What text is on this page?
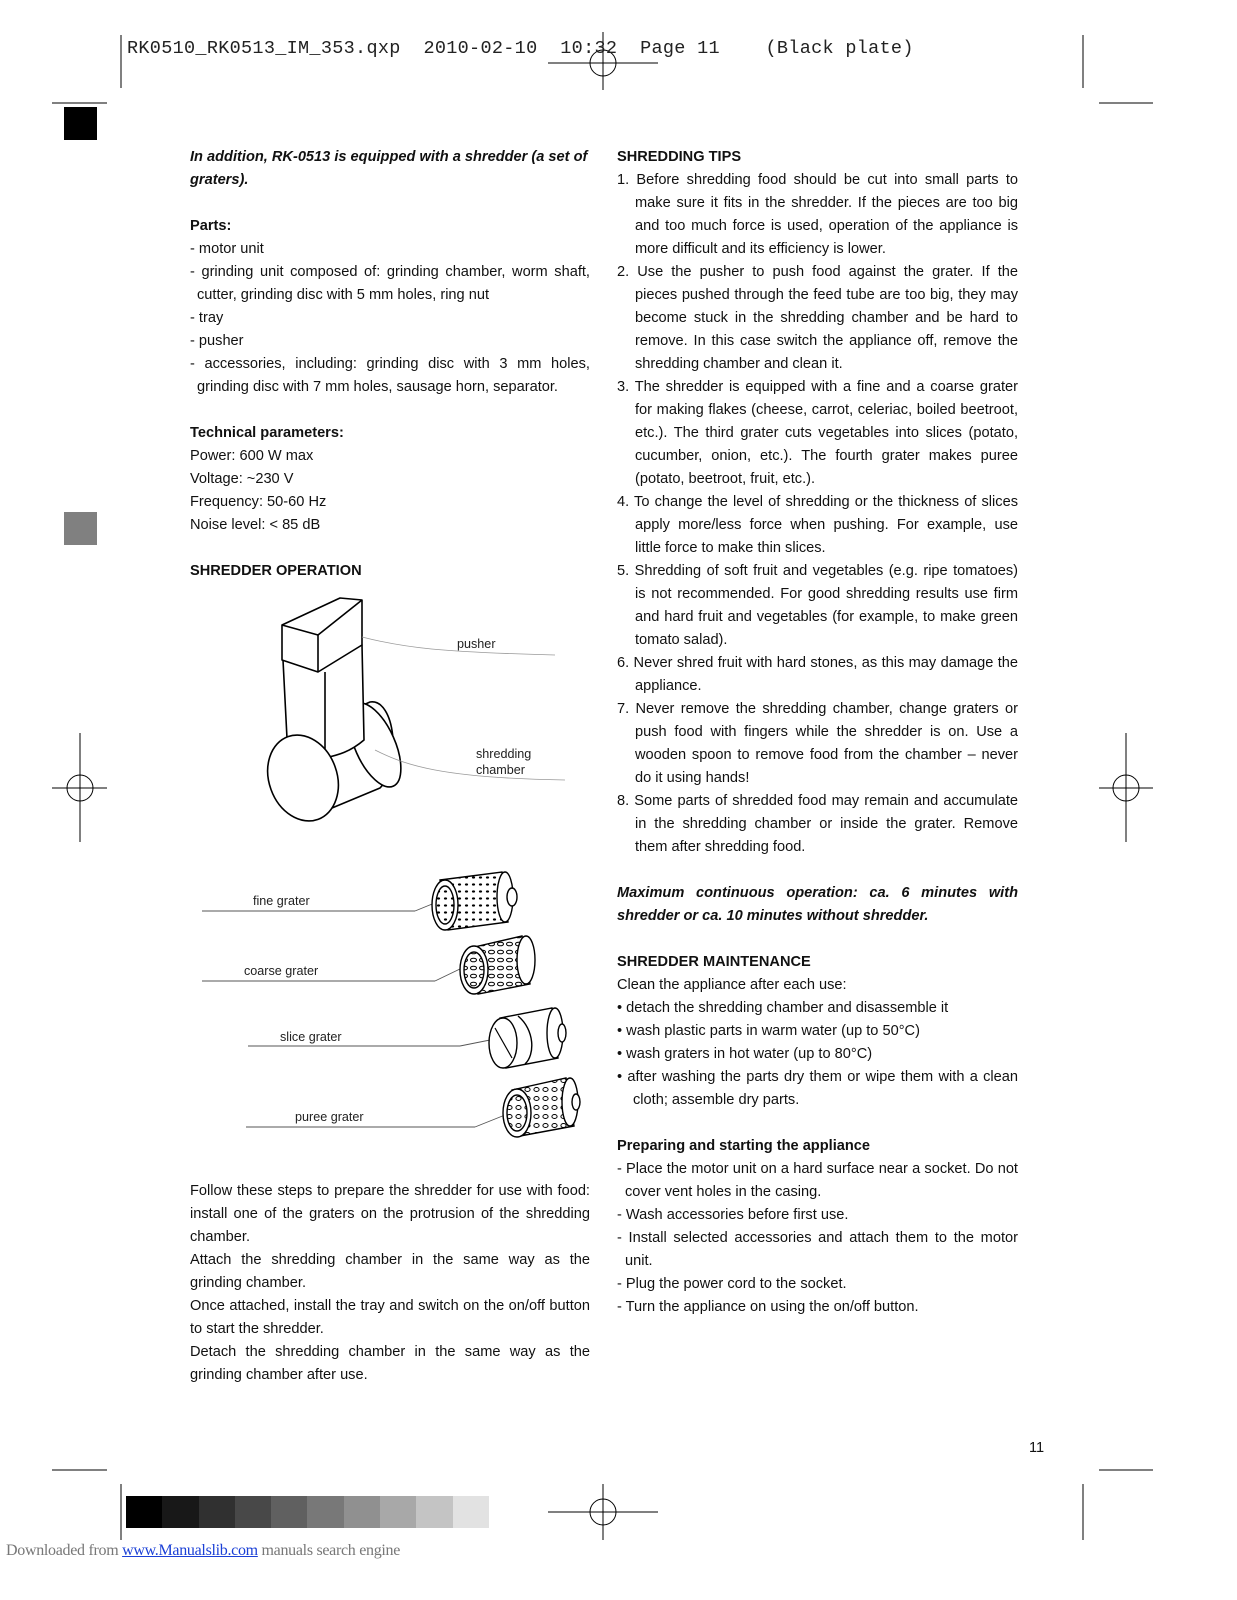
RK0510_RK0513_IM_353.qxp  2010-02-10  10:32  Page 11    (Black plate)

In addition, RK-0513 is equipped with a shredder (a set of graters).

Parts:

- motor unit

- grinding unit composed of: grinding chamber, worm shaft, cutter, grinding disc with 5 mm holes, ring nut

- tray

- pusher

- accessories, including: grinding disc with 3 mm holes, grinding disc with 7 mm holes, sausage horn, separator.

Technical parameters:

Power: 600 W max

Voltage: ~230 V

Frequency: 50-60 Hz

Noise level: < 85 dB

SHREDDER OPERATION

pusher
shredding
chamber
fine grater
coarse grater
slice grater
puree grater

Follow these steps to prepare the shredder for use with food: install one of the graters on the protrusion of the shredding chamber.

Attach the shredding chamber in the same way as the grinding chamber.

Once attached, install the tray and switch on the on/off button to start the shredder.

Detach the shredding chamber in the same way as the grinding chamber after use.

SHREDDING TIPS

1. Before shredding food should be cut into small parts to make sure it fits in the shredder. If the pieces are too big and too much force is used, operation of the appliance is more difficult and its efficiency is lower.

2. Use the pusher to push food against the grater. If the pieces pushed through the feed tube are too big, they may become stuck in the shredding chamber and be hard to remove. In this case switch the appliance off, remove the shredding chamber and clean it.

3. The shredder is equipped with a fine and a coarse grater for making flakes (cheese, carrot, celeriac, boiled beetroot, etc.). The third grater cuts vegetables into slices (potato, cucumber, onion, etc.). The fourth grater makes puree (potato, beetroot, fruit, etc.).

4. To change the level of shredding or the thickness of slices apply more/less force when pushing. For example, use little force to make thin slices.

5. Shredding of soft fruit and vegetables (e.g. ripe tomatoes) is not recommended. For good shredding results use firm and hard fruit and vegetables (for example, to make green tomato salad).

6. Never shred fruit with hard stones, as this may damage the appliance.

7. Never remove the shredding chamber, change graters or push food with fingers while the shredder is on. Use a wooden spoon to remove food from the chamber – never do it using hands!

8. Some parts of shredded food may remain and accumulate in the shredding chamber or inside the grater. Remove them after shredding food.

Maximum continuous operation: ca. 6 minutes with shredder or ca. 10 minutes without shredder.

SHREDDER MAINTENANCE

Clean the appliance after each use:

• detach the shredding chamber and disassemble it

• wash plastic parts in warm water (up to 50°C)

• wash graters in hot water (up to 80°C)

• after washing the parts dry them or wipe them with a clean cloth; assemble dry parts.

Preparing and starting the appliance

- Place the motor unit on a hard surface near a socket. Do not cover vent holes in the casing.

- Wash accessories before first use.

- Install selected accessories and attach them to the motor unit.

- Plug the power cord to the socket.

- Turn the appliance on using the on/off button.

11
Downloaded from www.Manualslib.com manuals search engine
